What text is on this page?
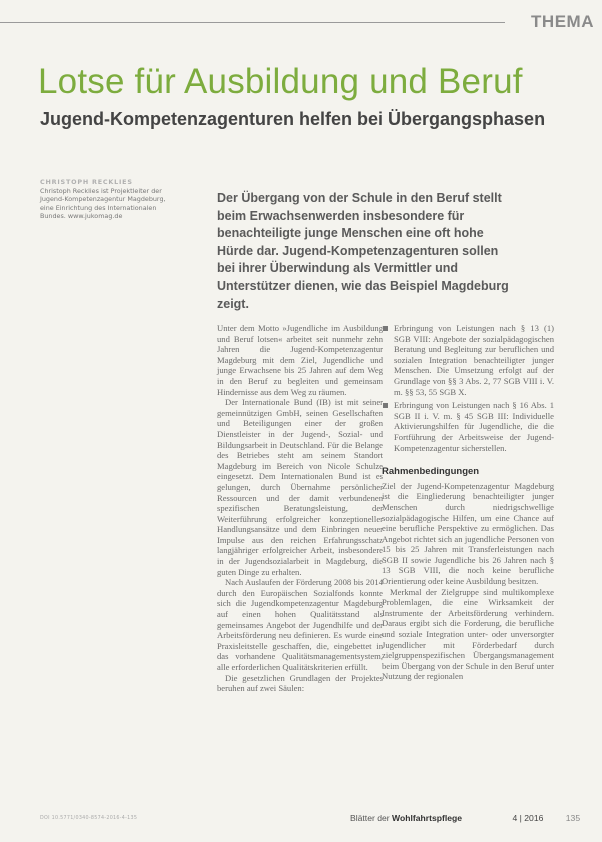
THEMA
Lotse für Ausbildung und Beruf
Jugend-Kompetenzagenturen helfen bei Übergangsphasen
CHRISTOPH RECKLIES
Christoph Recklies ist Projektleiter der Jugend-Kompetenzagentur Magdeburg, eine Einrichtung des Internationalen Bundes. www.jukomag.de

Der Übergang von der Schule in den Beruf stellt beim Erwachsenwerden insbesondere für benachteiligte junge Menschen eine oft hohe Hürde dar. Jugend-Kompetenzagenturen sollen bei ihrer Überwindung als Vermittler und Unterstützer dienen, wie das Beispiel Magdeburg zeigt.

Unter dem Motto »Jugendliche im Ausbildung und Beruf lotsen« arbeitet seit nunmehr zehn Jahren die Jugend-Kompetenzagentur Magdeburg mit dem Ziel, Jugendliche und junge Erwachsene bis 25 Jahren auf dem Weg in den Beruf zu begleiten und gemeinsam Hindernisse aus dem Weg zu räumen.

Der Internationale Bund (IB) ist mit seiner gemeinnützigen GmbH, seinen Gesellschaften und Beteiligungen einer der großen Dienstleister in der Jugend-, Sozial- und Bildungsarbeit in Deutschland. Für die Belange des Betriebes steht am seinem Standort Magdeburg im Bereich von Nicole Schulze eingesetzt. Dem Internationalen Bund ist es gelungen, durch Übernahme persönlicher Ressourcen und der damit verbundenen spezifischen Beratungsleistung, der Weiterführung erfolgreicher konzeptioneller Handlungsansätze und dem Einbringen neuer Impulse aus den reichen Erfahrungsschatz langjähriger erfolgreicher Arbeit, insbesondere in der Jugendsozialarbeit in Magdeburg, die guten Dinge zu erhalten.

Nach Auslaufen der Förderung 2008 bis 2014 durch den Europäischen Sozialfonds konnte sich die Jugendkompetenzagentur Magdeburg auf einen hohen Qualitätsstand als gemeinsames Angebot der Jugendhilfe und der Arbeitsförderung neu definieren. Es wurde eine Praxisleitstelle geschaffen, die, eingebettet in das vorhandene Qualitätsmanagementsystem, alle erforderlichen Qualitätskriterien erfüllt.

Die gesetzlichen Grundlagen der Projektes beruhen auf zwei Säulen:

Erbringung von Leistungen nach § 13 (1) SGB VIII: Angebote der sozialpädagogischen Beratung und Begleitung zur beruflichen und sozialen Integration benachteiligter junger Menschen. Die Umsetzung erfolgt auf der Grundlage von §§ 3 Abs. 2, 77 SGB VIII i. V. m. §§ 53, 55 SGB X.
Erbringung von Leistungen nach § 16 Abs. 1 SGB II i. V. m. § 45 SGB III: Individuelle Aktivierungshilfen für Jugendliche, die die Fortführung der Arbeitsweise der Jugend-Kompetenzagentur sicherstellen.
Rahmenbedingungen

Ziel der Jugend-Kompetenzagentur Magdeburg ist die Eingliederung benachteiligter junger Menschen durch niedrigschwellige sozialpädagogische Hilfen, um eine Chance auf eine berufliche Perspektive zu ermöglichen. Das Angebot richtet sich an jugendliche Personen von 15 bis 25 Jahren mit Transferleistungen nach SGB II sowie Jugendliche bis 26 Jahren nach § 13 SGB VIII, die noch keine berufliche Orientierung oder keine Ausbildung besitzen.

Merkmal der Zielgruppe sind multikomplexe Problemlagen, die eine Wirksamkeit der Instrumente der Arbeitsförderung verhindern. Daraus ergibt sich die Forderung, die berufliche und soziale Integration unter- oder unversorgter Jugendlicher mit Förderbedarf durch zielgruppenspezifischen Übergangsmanagement beim Übergang von der Schule in den Beruf unter Nutzung der regionalen

DOI 10.5771/0340-8574-2016-4-135	Blätter der Wohlfahrtspflege	4 | 2016	135
